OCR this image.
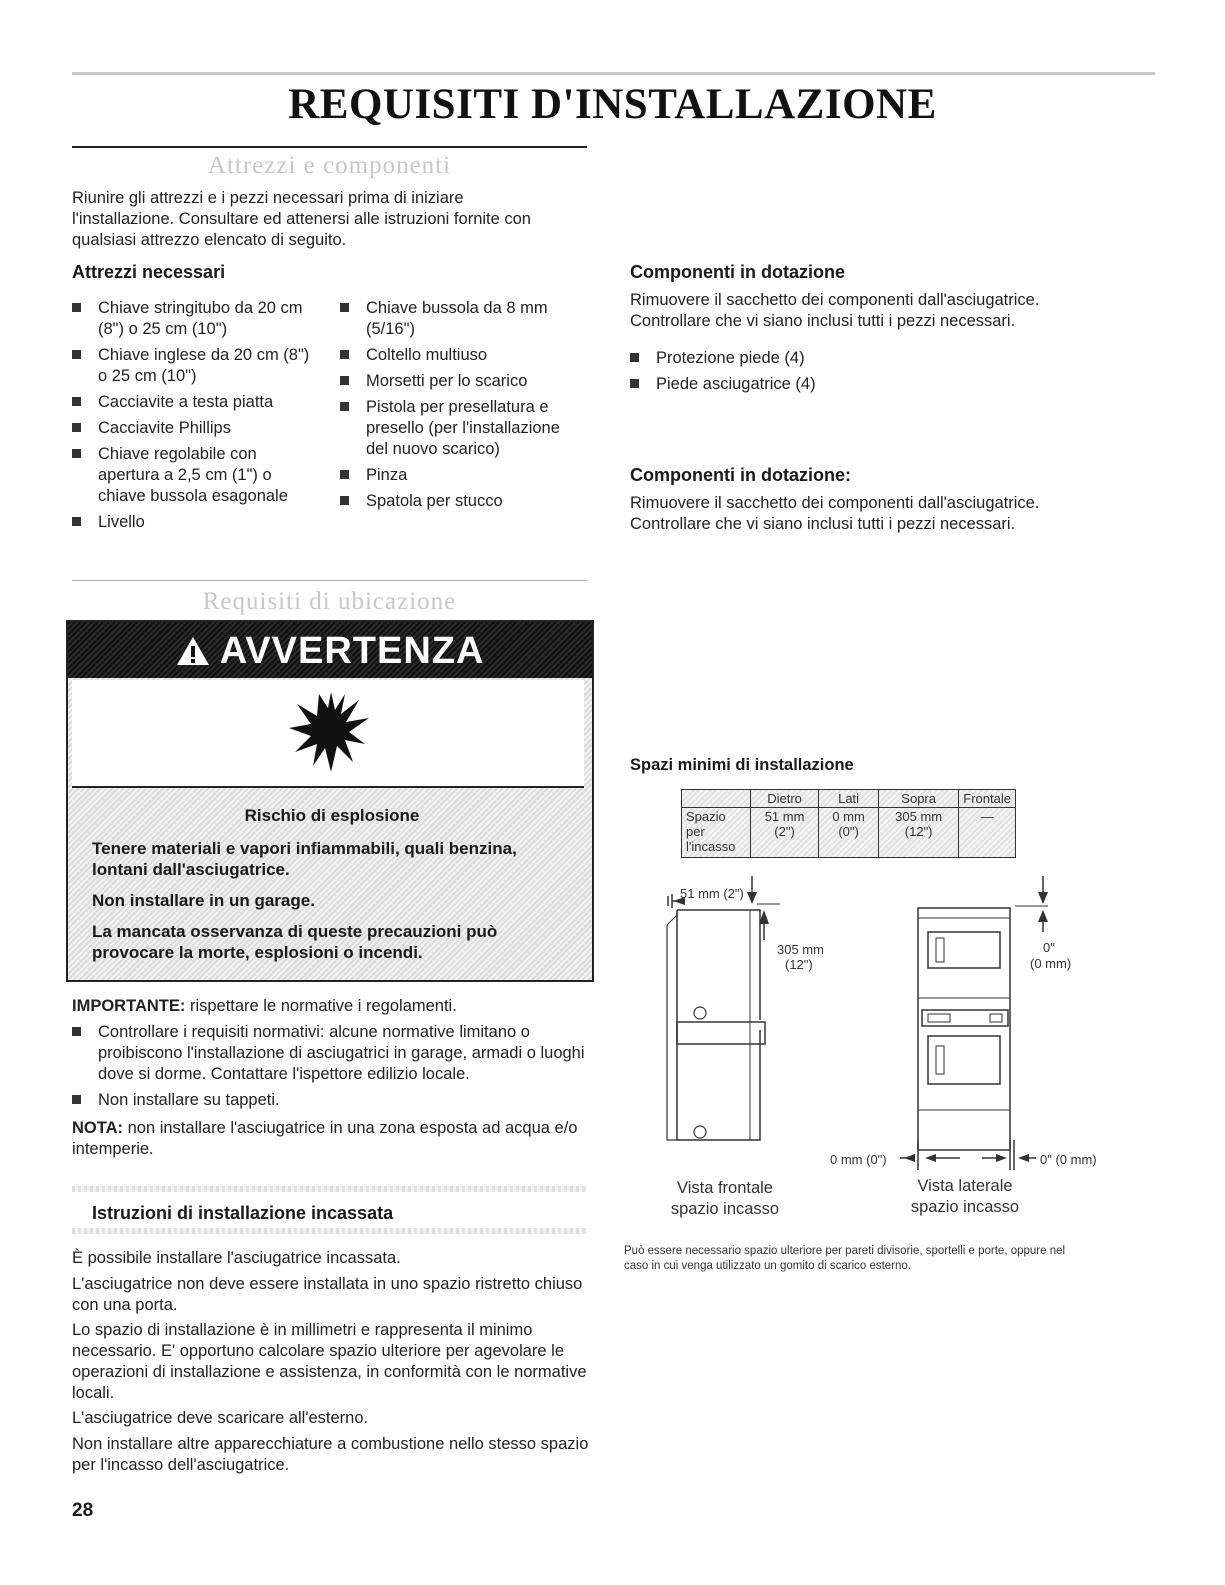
REQUISITI D'INSTALLAZIONE
Attrezzi e componenti

Riunire gli attrezzi e i pezzi necessari prima di iniziare l'installazione. Consultare ed attenersi alle istruzioni fornite con qualsiasi attrezzo elencato di seguito.

Attrezzi necessari
Chiave stringitubo da 20 cm (8") o 25 cm (10")
Chiave inglese da 20 cm (8") o 25 cm (10")
Cacciavite a testa piatta
Cacciavite Phillips
Chiave regolabile con apertura a 2,5 cm (1") o chiave bussola esagonale
Livello
Chiave bussola da 8 mm (5/16")
Coltello multiuso
Morsetti per lo scarico
Pistola per presellatura e presello (per l'installazione del nuovo scarico)
Pinza
Spatola per stucco
Componenti in dotazione

Rimuovere il sacchetto dei componenti dall'asciugatrice. Controllare che vi siano inclusi tutti i pezzi necessari.

Protezione piede (4)
Piede asciugatrice (4)
Componenti in dotazione:

Rimuovere il sacchetto dei componenti dall'asciugatrice. Controllare che vi siano inclusi tutti i pezzi necessari.

Requisiti di ubicazione
AVVERTENZA
Rischio di esplosione

Tenere materiali e vapori infiammabili, quali benzina, lontani dall'asciugatrice.

Non installare in un garage.

La mancata osservanza di queste precauzioni può provocare la morte, esplosioni o incendi.

IMPORTANTE: rispettare le normative i regolamenti.

Controllare i requisiti normativi: alcune normative limitano o proibiscono l'installazione di asciugatrici in garage, armadi o luoghi dove si dorme. Contattare l'ispettore edilizio locale.
Non installare su tappeti.

NOTA: non installare l'asciugatrice in una zona esposta ad acqua e/o intemperie.

Istruzioni di installazione incassata

È possibile installare l'asciugatrice incassata.

L'asciugatrice non deve essere installata in uno spazio ristretto chiuso con una porta.

Lo spazio di installazione è in millimetri e rappresenta il minimo necessario. E' opportuno calcolare spazio ulteriore per agevolare le operazioni di installazione e assistenza, in conformità con le normative locali.

L'asciugatrice deve scaricare all'esterno.

Non installare altre apparecchiature a combustione nello stesso spazio per l'incasso dell'asciugatrice.

Spazi minimi di installazione
	Dietro	Lati	Sopra	Frontale
Spazio per l'incasso	51 mm (2")	0 mm (0")	305 mm (12")	—
51 mm (2")
305 mm
(12")
0"
(0 mm)
0 mm (0")	0" (0 mm)
Vista frontale
spazio incasso
Vista laterale
spazio incasso

Può essere necessario spazio ulteriore per pareti divisorie, sportelli e porte, oppure nel caso in cui venga utilizzato un gomito di scarico esterno.

28
